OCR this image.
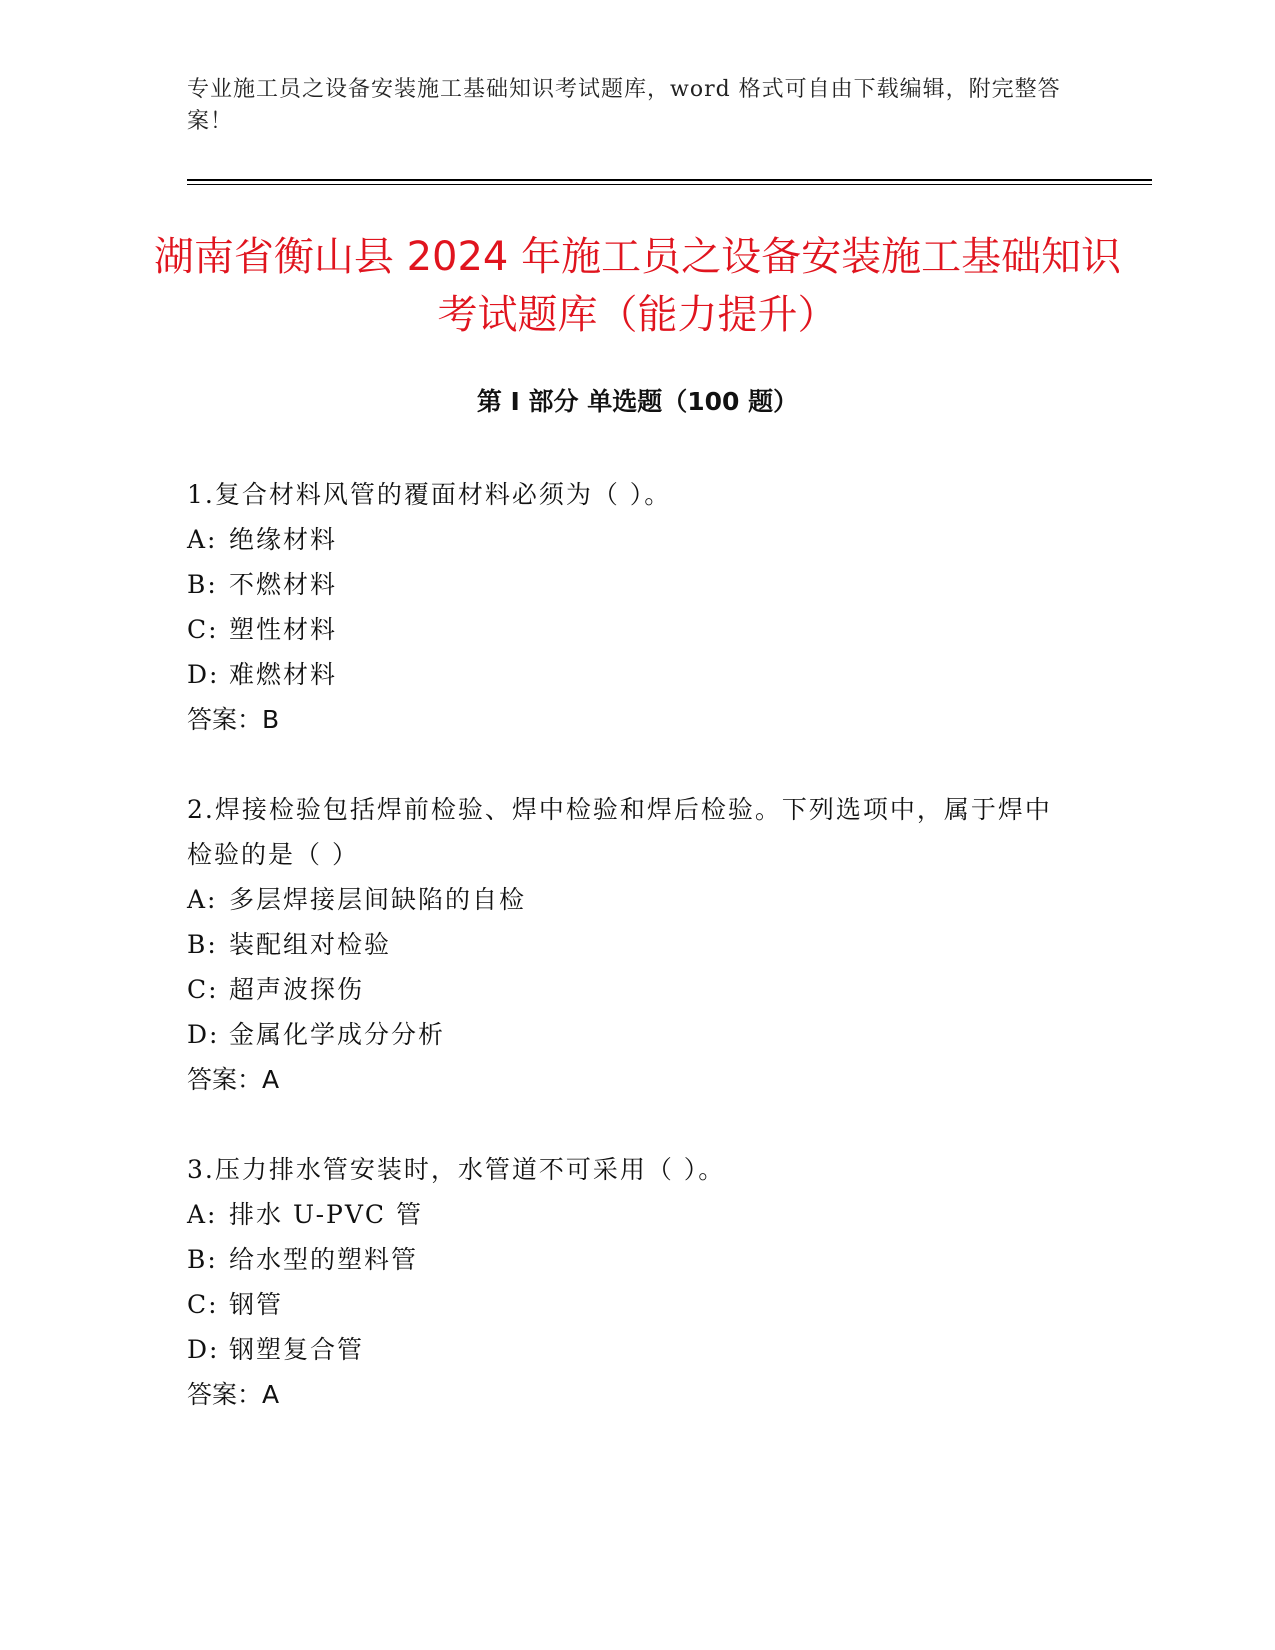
专业施工员之设备安装施工基础知识考试题库，word 格式可自由下载编辑，附完整答案！
湖南省衡山县 2024 年施工员之设备安装施工基础知识考试题库（能力提升）
第 I 部分 单选题（100 题）

1.复合材料风管的覆面材料必须为（ ）。

A: 绝缘材料

B: 不燃材料

C: 塑性材料

D: 难燃材料

答案：B

2.焊接检验包括焊前检验、焊中检验和焊后检验。下列选项中，属于焊中检验的是（ ）

A: 多层焊接层间缺陷的自检

B: 装配组对检验

C: 超声波探伤

D: 金属化学成分分析

答案：A

3.压力排水管安装时，水管道不可采用（ ）。

A: 排水 U-PVC 管

B: 给水型的塑料管

C: 钢管

D: 钢塑复合管

答案：A
